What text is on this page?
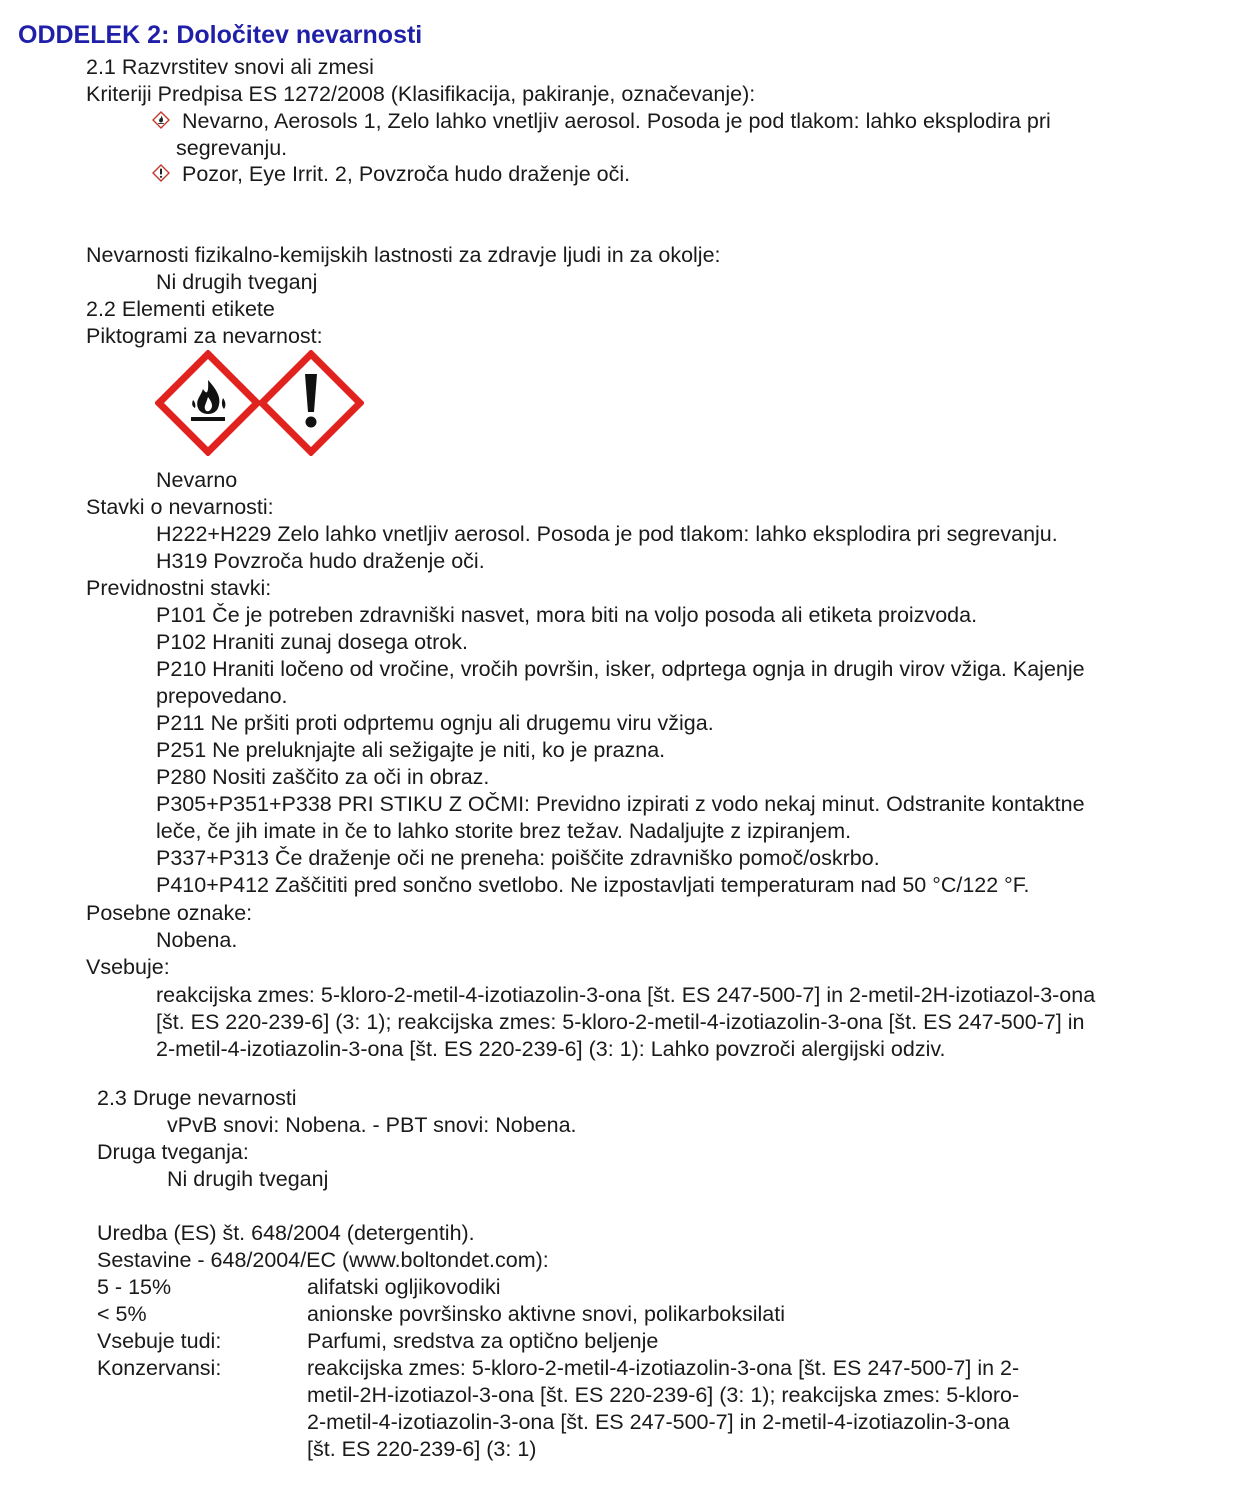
ODDELEK 2: Določitev nevarnosti
2.1 Razvrstitev snovi ali zmesi
Kriteriji Predpisa ES 1272/2008 (Klasifikacija, pakiranje, označevanje):
Nevarno, Aerosols 1, Zelo lahko vnetljiv aerosol. Posoda je pod tlakom: lahko eksplodira pri
segrevanju.
Pozor, Eye Irrit. 2, Povzroča hudo draženje oči.
Nevarnosti fizikalno-kemijskih lastnosti za zdravje ljudi in za okolje:
Ni drugih tveganj
2.2 Elementi etikete
Piktogrami za nevarnost:
Nevarno
Stavki o nevarnosti:
H222+H229 Zelo lahko vnetljiv aerosol. Posoda je pod tlakom: lahko eksplodira pri segrevanju.
H319 Povzroča hudo draženje oči.
Previdnostni stavki:
P101 Če je potreben zdravniški nasvet, mora biti na voljo posoda ali etiketa proizvoda.
P102 Hraniti zunaj dosega otrok.
P210 Hraniti ločeno od vročine, vročih površin, isker, odprtega ognja in drugih virov vžiga. Kajenje
prepovedano.
P211 Ne pršiti proti odprtemu ognju ali drugemu viru vžiga.
P251 Ne preluknjajte ali sežigajte je niti, ko je prazna.
P280 Nositi zaščito za oči in obraz.
P305+P351+P338 PRI STIKU Z OČMI: Previdno izpirati z vodo nekaj minut. Odstranite kontaktne
leče, če jih imate in če to lahko storite brez težav. Nadaljujte z izpiranjem.
P337+P313 Če draženje oči ne preneha: poiščite zdravniško pomoč/oskrbo.
P410+P412 Zaščititi pred sončno svetlobo. Ne izpostavljati temperaturam nad 50 °C/122 °F.
Posebne oznake:
Nobena.
Vsebuje:
reakcijska zmes: 5-kloro-2-metil-4-izotiazolin-3-ona [št. ES 247-500-7] in 2-metil-2H-izotiazol-3-ona
[št. ES 220-239-6] (3: 1); reakcijska zmes: 5-kloro-2-metil-4-izotiazolin-3-ona [št. ES 247-500-7] in
2-metil-4-izotiazolin-3-ona [št. ES 220-239-6] (3: 1): Lahko povzroči alergijski odziv.
2.3 Druge nevarnosti
vPvB snovi: Nobena. - PBT snovi: Nobena.
Druga tveganja:
Ni drugih tveganj
Uredba (ES) št. 648/2004 (detergentih).
Sestavine - 648/2004/EC (www.boltondet.com):
5 - 15%	alifatski ogljikovodiki
< 5%	anionske površinsko aktivne snovi, polikarboksilati
Vsebuje tudi:	Parfumi, sredstva za optično beljenje
Konzervansi:	reakcijska zmes: 5-kloro-2-metil-4-izotiazolin-3-ona [št. ES 247-500-7] in 2-
metil-2H-izotiazol-3-ona [št. ES 220-239-6] (3: 1); reakcijska zmes: 5-kloro-
2-metil-4-izotiazolin-3-ona [št. ES 247-500-7] in 2-metil-4-izotiazolin-3-ona
[št. ES 220-239-6] (3: 1)
